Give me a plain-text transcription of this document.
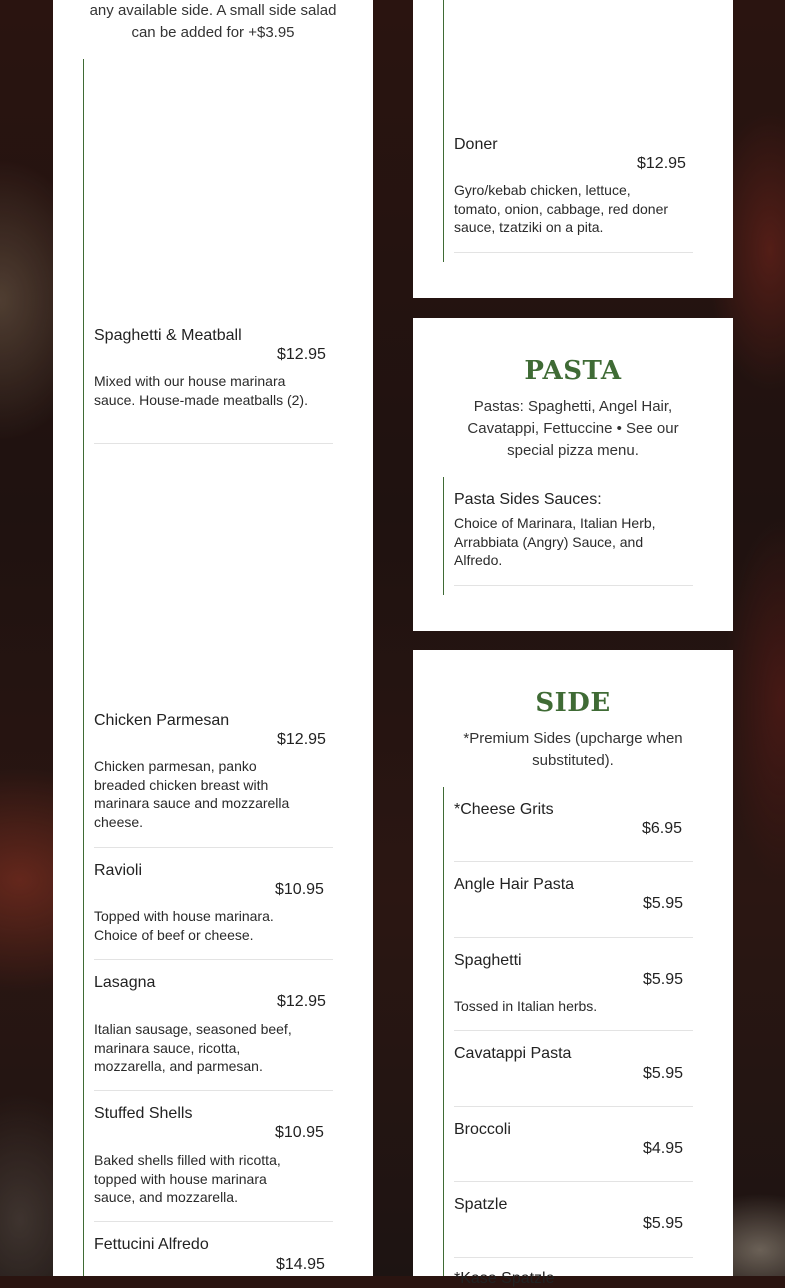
any available side. A small side salad
can be added for +$3.95
Spaghetti & Meatball
$12.95
Mixed with our house marinara sauce. House-made meatballs (2).
Chicken Parmesan
$12.95
Chicken parmesan, panko breaded chicken breast with marinara sauce and mozzarella cheese.
Ravioli
$10.95
Topped with house marinara. Choice of beef or cheese.
Lasagna
$12.95
Italian sausage, seasoned beef, marinara sauce, ricotta, mozzarella, and parmesan.
Stuffed Shells
$10.95
Baked shells filled with ricotta, topped with house marinara sauce, and mozzarella.
Fettucini Alfredo
$14.95
Doner
$12.95
Gyro/kebab chicken, lettuce, tomato, onion, cabbage, red doner sauce, tzatziki on a pita.
PASTA
Pastas: Spaghetti, Angel Hair, Cavatappi, Fettuccine • See our special pizza menu.
Pasta Sides Sauces:
Choice of Marinara, Italian Herb, Arrabbiata (Angry) Sauce, and Alfredo.
SIDE
*Premium Sides (upcharge when substituted).
*Cheese Grits
$6.95
Angle Hair Pasta
$5.95
Spaghetti
$5.95
Tossed in Italian herbs.
Cavatappi Pasta
$5.95
Broccoli
$4.95
Spatzle
$5.95
*Kase Spatzle
